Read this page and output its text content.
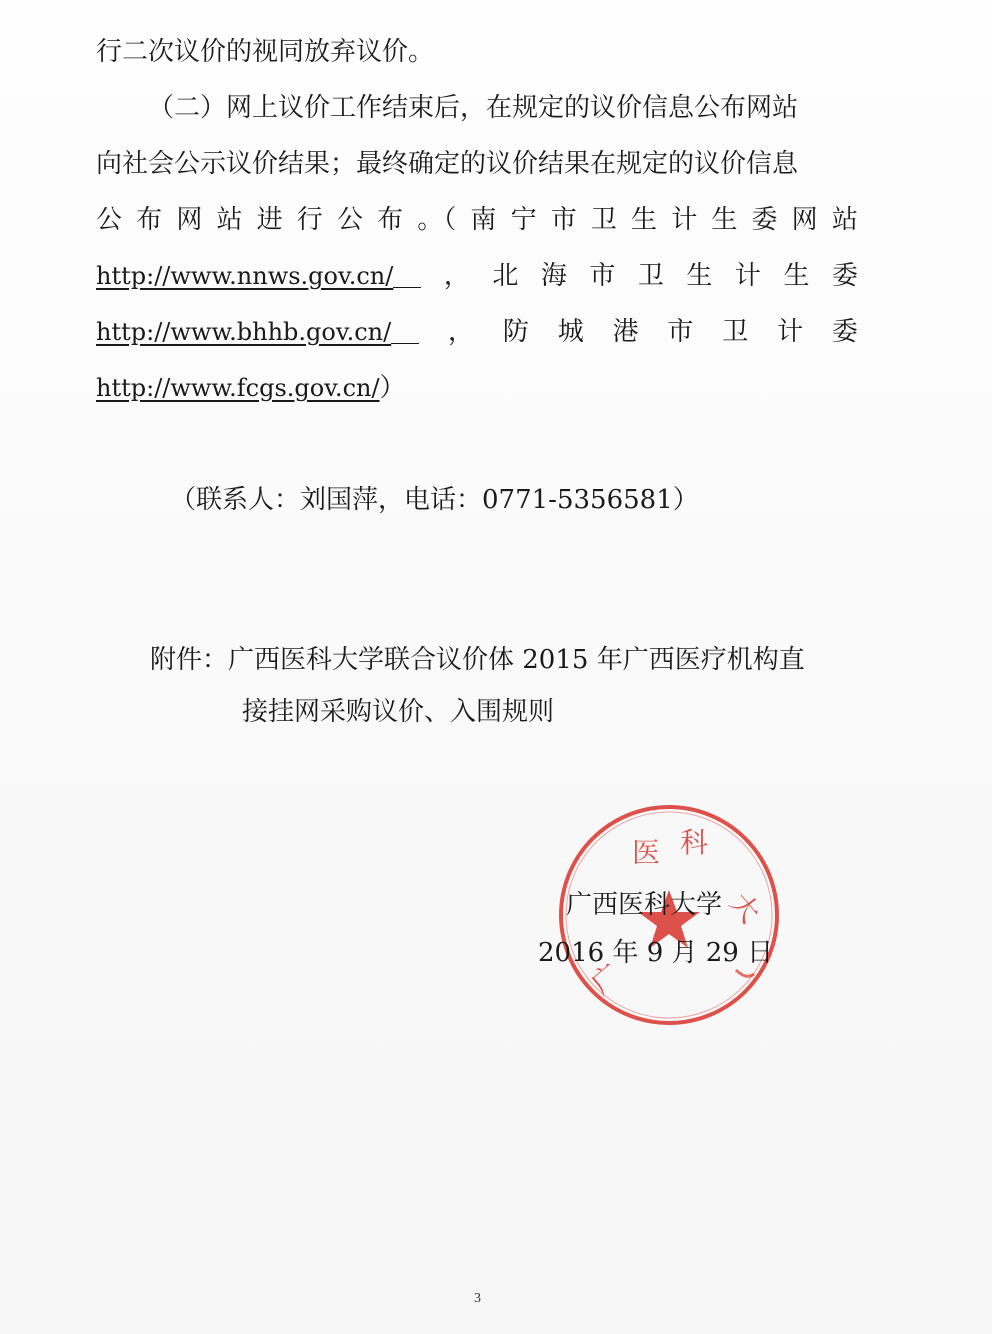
行二次议价的视同放弃议价。
（二）网上议价工作结束后，在规定的议价信息公布网站
向社会公示议价结果；最终确定的议价结果在规定的议价信息
公 布 网 站 进 行 公 布 。（ 南 宁 市 卫 生 计 生 委 网 站
http://www.nnws.gov.cn/	， 北 海 市 卫 生 计 生 委
http://www.bhhb.gov.cn/	， 防 城 港 市 卫 计 委
http://www.fcgs.gov.cn/）
（联系人：刘国萍，电话：0771-5356581）
附件：广西医科大学联合议价体 2015 年广西医疗机构直
接挂网采购议价、入围规则
医 科
大
广
广西医科大学
2016 年 9 月 29 日
3
